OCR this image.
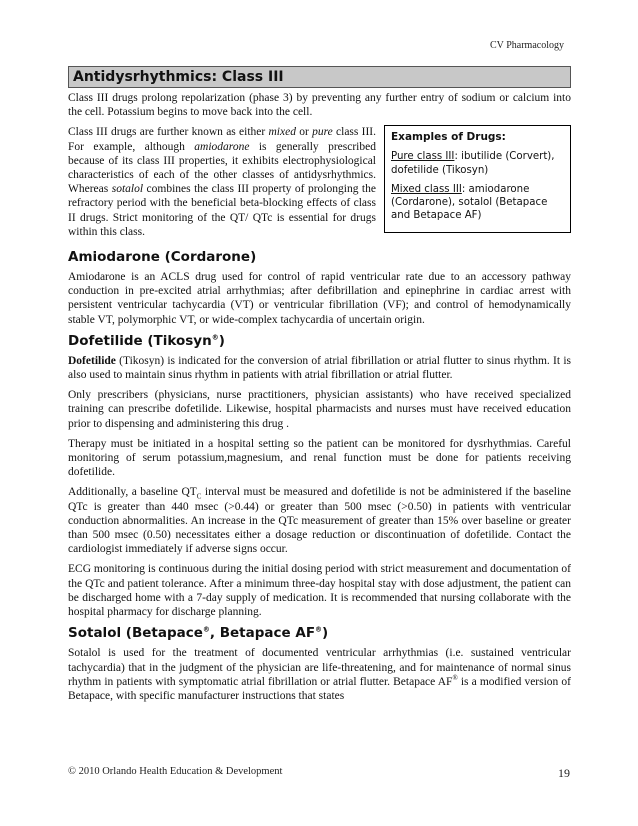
CV Pharmacology
Antidysrhythmics: Class III

Class III drugs prolong repolarization (phase 3) by preventing any further entry of sodium or calcium into the cell. Potassium begins to move back into the cell.

Examples of Drugs:
Pure class III: ibutilide (Corvert), dofetilide (Tikosyn)
Mixed class III: amiodarone (Cordarone), sotalol (Betapace and Betapace AF)

Class III drugs are further known as either mixed or pure class III. For example, although amiodarone is generally prescribed because of its class III properties, it exhibits electrophysiological characteristics of each of the other classes of antidysrhythmics. Whereas sotalol combines the class III property of prolonging the refractory period with the beneficial beta-blocking effects of class II drugs. Strict monitoring of the QT/ QTc is essential for drugs within this class.

Amiodarone (Cordarone)

Amiodarone is an ACLS drug used for control of rapid ventricular rate due to an accessory pathway conduction in pre-excited atrial arrhythmias; after defibrillation and epinephrine in cardiac arrest with persistent ventricular tachycardia (VT) or ventricular fibrillation (VF); and control of hemodynamically stable VT, polymorphic VT, or wide-complex tachycardia of uncertain origin.

Dofetilide (Tikosyn®)

Dofetilide (Tikosyn) is indicated for the conversion of atrial fibrillation or atrial flutter to sinus rhythm. It is also used to maintain sinus rhythm in patients with atrial fibrillation or atrial flutter.

Only prescribers (physicians, nurse practitioners, physician assistants) who have received specialized training can prescribe dofetilide. Likewise, hospital pharmacists and nurses must have received education prior to dispensing and administering this drug .

Therapy must be initiated in a hospital setting so the patient can be monitored for dysrhythmias. Careful monitoring of serum potassium,magnesium, and renal function must be done for patients receiving dofetilide.

Additionally, a baseline $QT_C$ interval must be measured and dofetilide is not be administered if the baseline QTc is greater than 440 msec (>0.44) or greater than 500 msec (>0.50) in patients with ventricular conduction abnormalities. An increase in the QTc measurement of greater than 15% over baseline or greater than 500 msec (0.50) necessitates either a dosage reduction or discontinuation of dofetilide. Contact the cardiologist immediately if adverse signs occur.

ECG monitoring is continuous during the initial dosing period with strict measurement and documentation of the QTc and patient tolerance. After a minimum three-day hospital stay with dose adjustment, the patient can be discharged home with a 7-day supply of medication. It is recommended that nursing collaborate with the hospital pharmacy for discharge planning.

Sotalol (Betapace®, Betapace AF®)

Sotalol is used for the treatment of documented ventricular arrhythmias (i.e. sustained ventricular tachycardia) that in the judgment of the physician are life-threatening, and for maintenance of normal sinus rhythm in patients with symptomatic atrial fibrillation or atrial flutter. Betapace AF® is a modified version of Betapace, with specific manufacturer instructions that states

© 2010 Orlando Health Education & Development	19
